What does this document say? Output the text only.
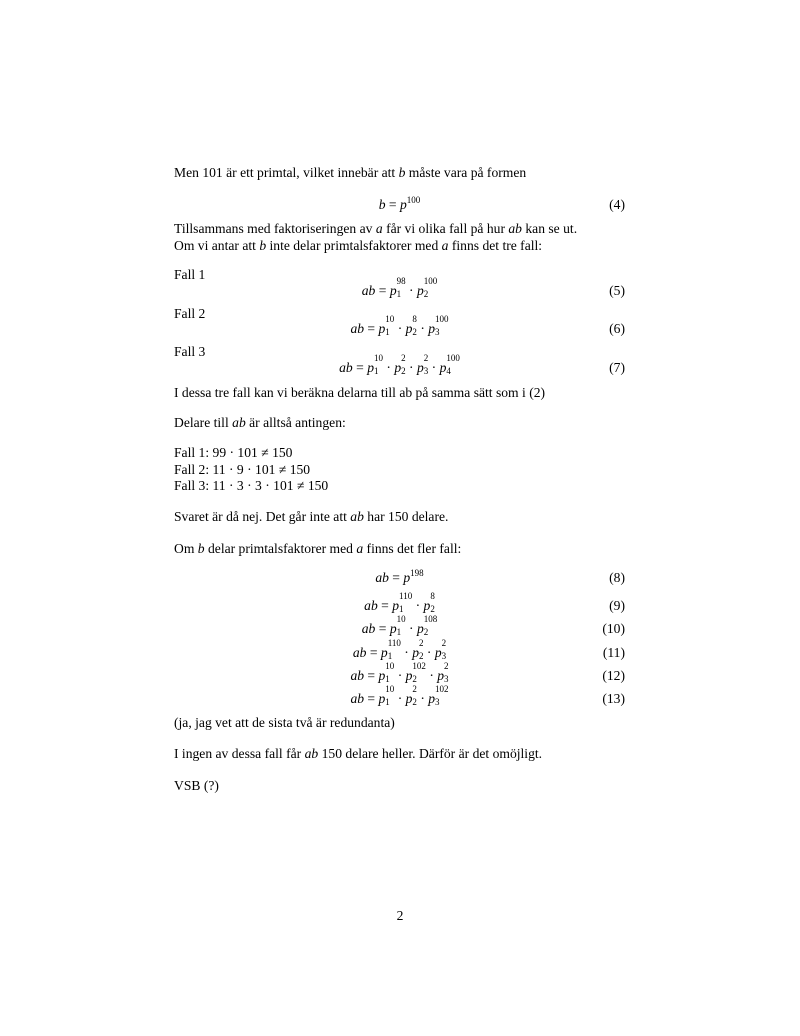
Men 101 är ett primtal, vilket innebär att b måste vara på formen
$b = p^{100}$	(4)
Tillsammans med faktoriseringen av a får vi olika fall på hur ab kan se ut.
Om vi antar att b inte delar primtalsfaktorer med a finns det tre fall:
Fall 1
ab = p
98
1 · p
100
2	(5)
Fall 2
ab = p
10
1 · p
8
2 · p
100
3	(6)
Fall 3
ab = p
10
1 · p
2
2 · p
2
3 · p
100
4	(7)
I dessa tre fall kan vi beräkna delarna till ab på samma sätt som i (2)
Delare till ab är alltså antingen:
Fall 1: 99 · 101 ≠ 150
Fall 2: 11 · 9 · 101 ≠ 150
Fall 3: 11 · 3 · 3 · 101 ≠ 150
Svaret är då nej. Det går inte att ab har 150 delare.
Om b delar primtalsfaktorer med a finns det fler fall:
ab = $p^{198}$	(8)
ab = p
110
1 · p
8
2	(9)
ab = p
10
1 · p
108
2	(10)
ab = p
110
1 · p
2
2 · p
2
3	(11)
ab = p
10
1 · p
102
2 · p
2
3	(12)
ab = p
10
1 · p
2
2 · p
102
3	(13)
(ja, jag vet att de sista två är redundanta)
I ingen av dessa fall får ab 150 delare heller. Därför är det omöjligt.
VSB (?)
2
